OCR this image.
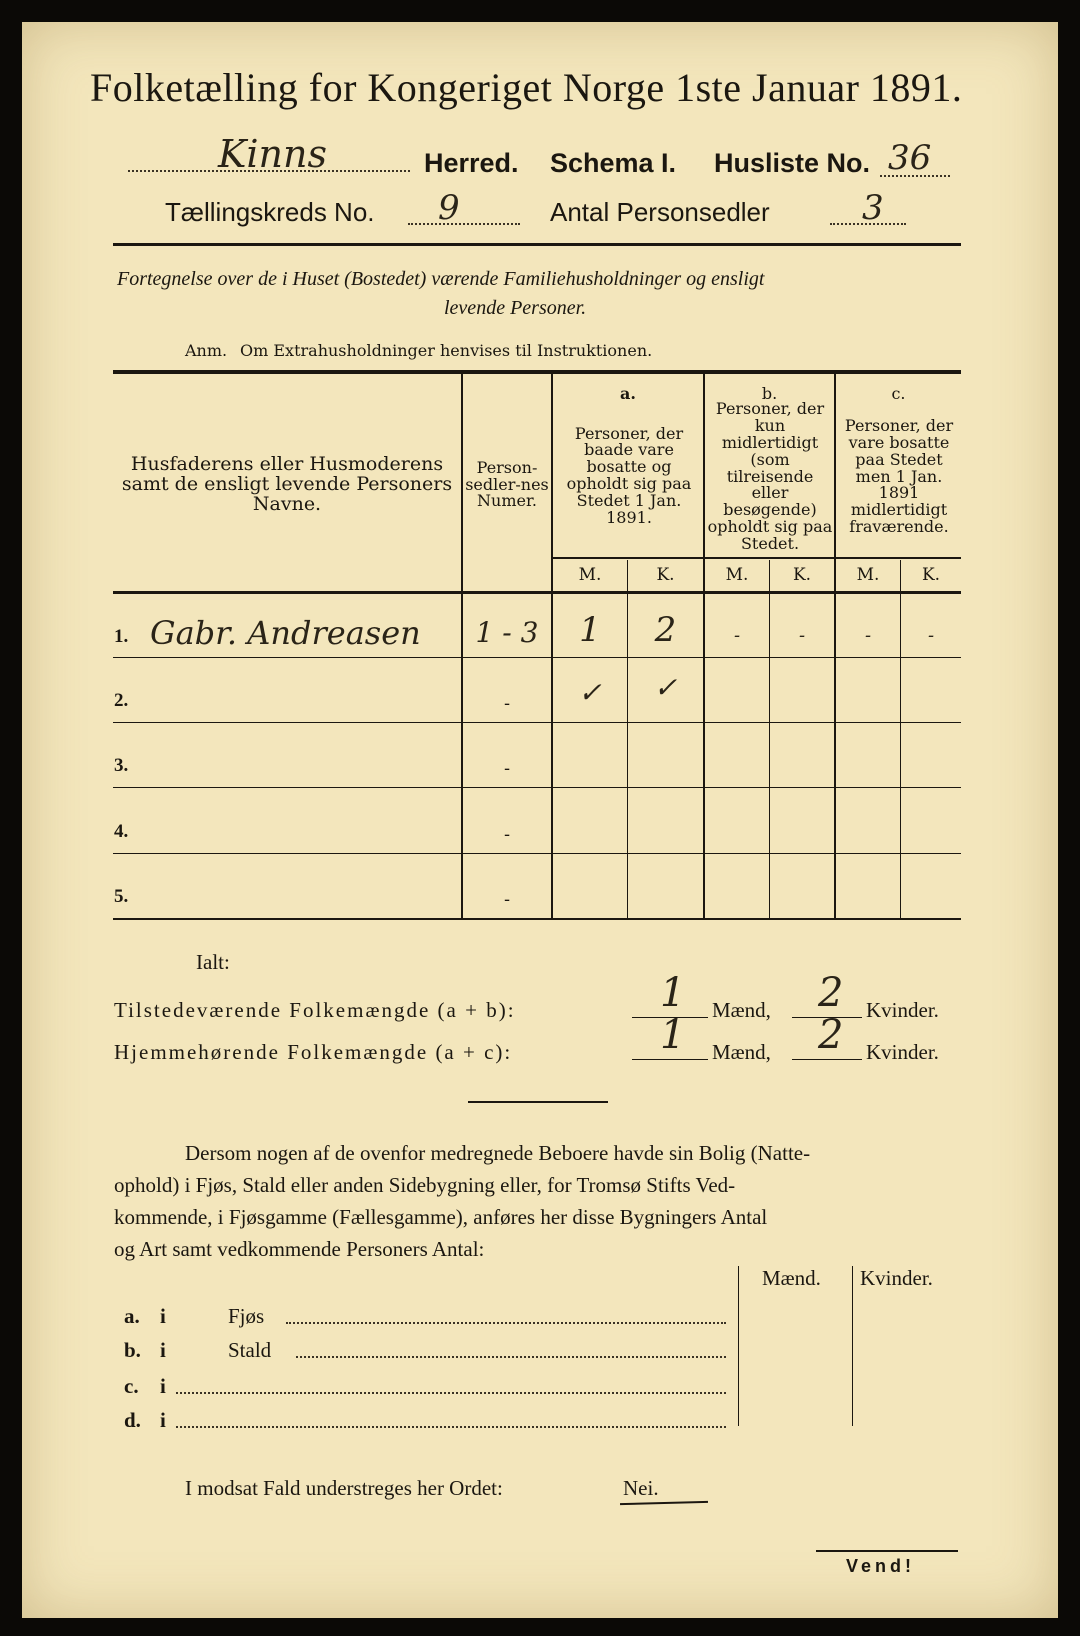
Folketælling for Kongeriget Norge 1ste Januar 1891.
Kinns	Herred. Schema I. Husliste No. 36
Tællingskreds No. 9	Antal Personsedler	3
Fortegnelse over de i Huset (Bostedet) værende Familiehusholdninger og ensligt
levende Personer.
Anm. Om Extrahusholdninger henvises til Instruktionen.
Husfaderens eller Husmoderens samt de ensligt levende Personers Navne.
Person-sedler-nes Numer.
a.
Personer, der baade vare bosatte og opholdt sig paa Stedet 1 Jan. 1891.
b.
Personer, der kun midlertidigt (som tilreisende eller besøgende) opholdt sig paa Stedet.
c.
Personer, der vare bosatte paa Stedet men 1 Jan. 1891 midlertidigt fraværende.
M.	K.	M.	K.	M.	K.
1. Gabr. Andreasen	1 - 3	1	2	-	-	-	-
2.	-	✓	✓
3.	-
4.	-
5.	-
Ialt:
Tilstedeværende Folkemængde (a + b):	1 Mænd, 2 Kvinder.
Hjemmehørende Folkemængde (a + c):	1 Mænd, 2 Kvinder.
Dersom nogen af de ovenfor medregnede Beboere havde sin Bolig (Natte-
ophold) i Fjøs, Stald eller anden Sidebygning eller, for Tromsø Stifts Ved-
kommende, i Fjøsgamme (Fællesgamme), anføres her disse Bygningers Antal
og Art samt vedkommende Personers Antal:
Mænd. Kvinder.
a. i	Fjøs
b. i	Stald
c. i
d. i
I modsat Fald understreges her Ordet:	Nei.
Vend!
